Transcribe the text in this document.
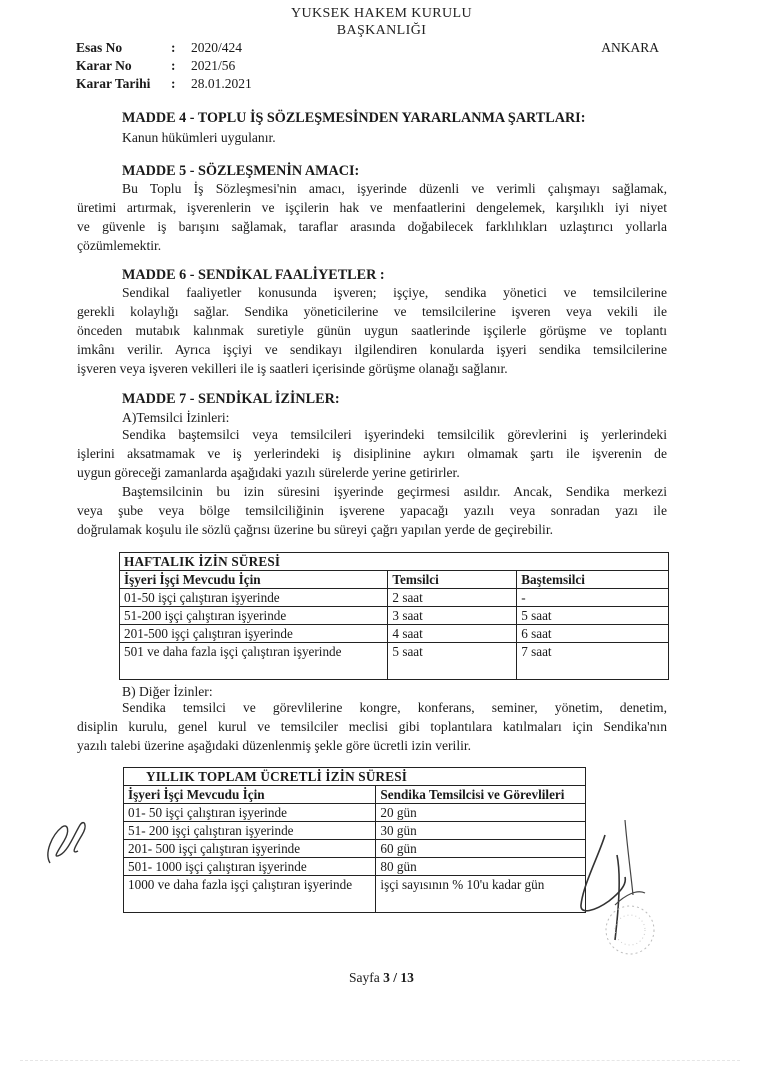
YUKSEK HAKEM KURULU
BAŞKANLIĞI
Esas No	: 2020/424
Karar No	: 2021/56
Karar Tarihi : 28.01.2021
ANKARA
MADDE 4 - TOPLU İŞ SÖZLEŞMESİNDEN YARARLANMA ŞARTLARI:
Kanun hükümleri uygulanır.
MADDE 5 - SÖZLEŞMENİN AMACI:
Bu Toplu İş Sözleşmesi'nin amacı, işyerinde düzenli ve verimli çalışmayı sağlamak,
üretimi artırmak, işverenlerin ve işçilerin hak ve menfaatlerini dengelemek, karşılıklı iyi niyet
ve güvenle iş barışını sağlamak, taraflar arasında doğabilecek farklılıkları uzlaştırıcı yollarla
çözümlemektir.
MADDE 6 - SENDİKAL FAALİYETLER :
Sendikal faaliyetler konusunda işveren; işçiye, sendika yönetici ve temsilcilerine
gerekli kolaylığı sağlar. Sendika yöneticilerine ve temsilcilerine işveren veya vekili ile
önceden mutabık kalınmak suretiyle günün uygun saatlerinde işçilerle görüşme ve toplantı
imkânı verilir. Ayrıca işçiyi ve sendikayı ilgilendiren konularda işyeri sendika temsilcilerine
işveren veya işveren vekilleri ile iş saatleri içerisinde görüşme olanağı sağlanır.
MADDE 7 - SENDİKAL İZİNLER:
A)Temsilci İzinleri:
Sendika baştemsilci veya temsilcileri işyerindeki temsilcilik görevlerini iş yerlerindeki
işlerini aksatmamak ve iş yerlerindeki iş disiplinine aykırı olmamak şartı ile işverenin de
uygun göreceği zamanlarda aşağıdaki yazılı sürelerde yerine getirirler.
Baştemsilcinin bu izin süresini işyerinde geçirmesi asıldır. Ancak, Sendika merkezi
veya şube veya bölge temsilciliğinin işverene yapacağı yazılı veya sonradan yazı ile
doğrulamak koşulu ile sözlü çağrısı üzerine bu süreyi çağrı yapılan yerde de geçirebilir.
HAFTALIK İZİN SÜRESİ		
İşyeri İşçi Mevcudu İçin	Temsilci	Baştemsilci
01-50 işçi çalıştıran işyerinde	2 saat	-
51-200 işçi çalıştıran işyerinde	3 saat	5 saat
201-500 işçi çalıştıran işyerinde	4 saat	6 saat
501 ve daha fazla işçi çalıştıran işyerinde	5 saat	7 saat
B) Diğer İzinler:
Sendika temsilci ve görevlilerine kongre, konferans, seminer, yönetim, denetim,
disiplin kurulu, genel kurul ve temsilciler meclisi gibi toplantılara katılmaları için Sendika'nın
yazılı talebi üzerine aşağıdaki düzenlenmiş şekle göre ücretli izin verilir.
YILLIK TOPLAM ÜCRETLİ İZİN SÜRESİ	
İşyeri İşçi Mevcudu İçin	Sendika Temsilcisi ve Görevlileri
01- 50 işçi çalıştıran işyerinde	20 gün
51- 200 işçi çalıştıran işyerinde	30 gün
201- 500 işçi çalıştıran işyerinde	60 gün
501- 1000 işçi çalıştıran işyerinde	80 gün
1000 ve daha fazla işçi çalıştıran işyerinde	işçi sayısının % 10'u kadar gün
Sayfa 3 / 13
